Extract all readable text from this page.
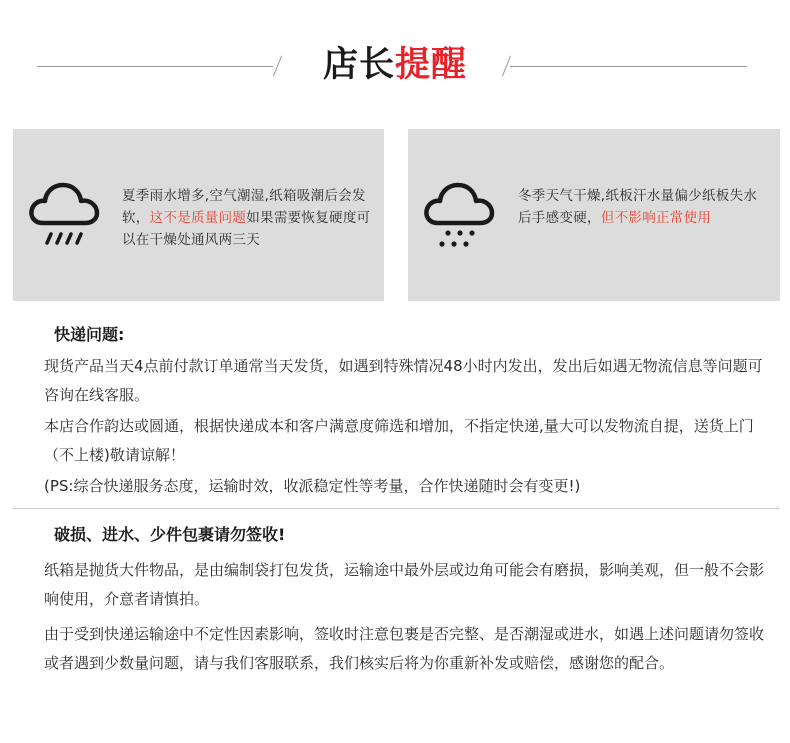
店长提醒
夏季雨水增多,空气潮湿,纸箱吸潮后会发软，这不是质量问题如果需要恢复硬度可以在干燥处通风两三天
冬季天气干燥,纸板汗水量偏少纸板失水后手感变硬，但不影响正常使用
快递问题:
现货产品当天4点前付款订单通常当天发货，如遇到特殊情况48小时内发出，发出后如遇无物流信息等问题可咨询在线客服。
本店合作韵达或圆通，根据快递成本和客户满意度筛选和增加，不指定快递,量大可以发物流自提，送货上门（不上楼)敬请谅解！
(PS:综合快递服务态度，运输时效，收派稳定性等考量，合作快递随时会有变更!)
破损、进水、少件包裹请勿签收!
纸箱是抛货大件物品，是由编制袋打包发货，运输途中最外层或边角可能会有磨损，影响美观，但一般不会影响使用，介意者请慎拍。
由于受到快递运输途中不定性因素影响，签收时注意包裹是否完整、是否潮湿或进水，如遇上述问题请勿签收或者遇到少数量问题，请与我们客服联系，我们核实后将为你重新补发或赔偿，感谢您的配合。
